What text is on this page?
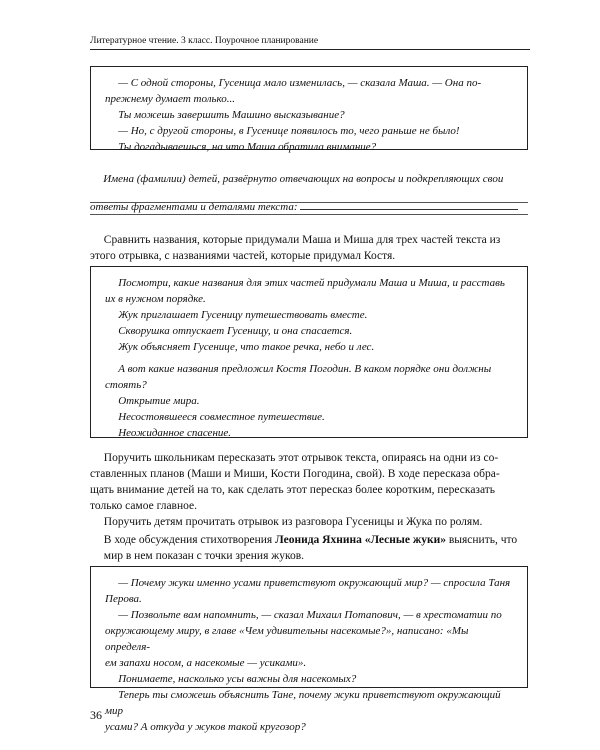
Литературное чтение. 3 класс. Поурочное планирование

— С одной стороны, Гусеница мало изменилась, — сказала Маша. — Она по-

прежнему думает только...

Ты можешь завершить Машино высказывание?

— Но, с другой стороны, в Гусенице появилось то, чего раньше не было!

Ты догадываешься, на что Маша обратила внимание?

Имена (фамилии) детей, развёрнуто отвечающих на вопросы и подкрепляющих свои

ответы фрагментами и деталями текста:

Сравнить названия, которые придумали Маша и Миша для трех частей текста из

этого отрывка, с названиями частей, которые придумал Костя.

Посмотри, какие названия для этих частей придумали Маша и Миша, и расставь

их в нужном порядке.

Жук приглашает Гусеницу путешествовать вместе.

Скворушка отпускает Гусеницу, и она спасается.

Жук объясняет Гусенице, что такое речка, небо и лес.

А вот какие названия предложил Костя Погодин. В каком порядке они должны

стоять?

Открытие мира.

Несостоявшееся совместное путешествие.

Неожиданное спасение.

Поручить школьникам пересказать этот отрывок текста, опираясь на одни из со-

ставленных планов (Маши и Миши, Кости Погодина, свой). В ходе пересказа обра-

щать внимание детей на то, как сделать этот пересказ более коротким, пересказать

только самое главное.

Поручить детям прочитать отрывок из разговора Гусеницы и Жука по ролям.

В ходе обсуждения стихотворения Леонида Яхнина «Лесные жуки» выяснить, что

мир в нем показан с точки зрения жуков.

— Почему жуки именно усами приветствуют окружающий мир? — спросила Таня

Перова.

— Позвольте вам напомнить, — сказал Михаил Потапович, — в хрестоматии по

окружающему миру, в главе «Чем удивительны насекомые?», написано: «Мы определя-

ем запахи носом, а насекомые — усиками».

Понимаете, насколько усы важны для насекомых?

Теперь ты сможешь объяснить Тане, почему жуки приветствуют окружающий мир

усами? А откуда у жуков такой кругозор?

36
